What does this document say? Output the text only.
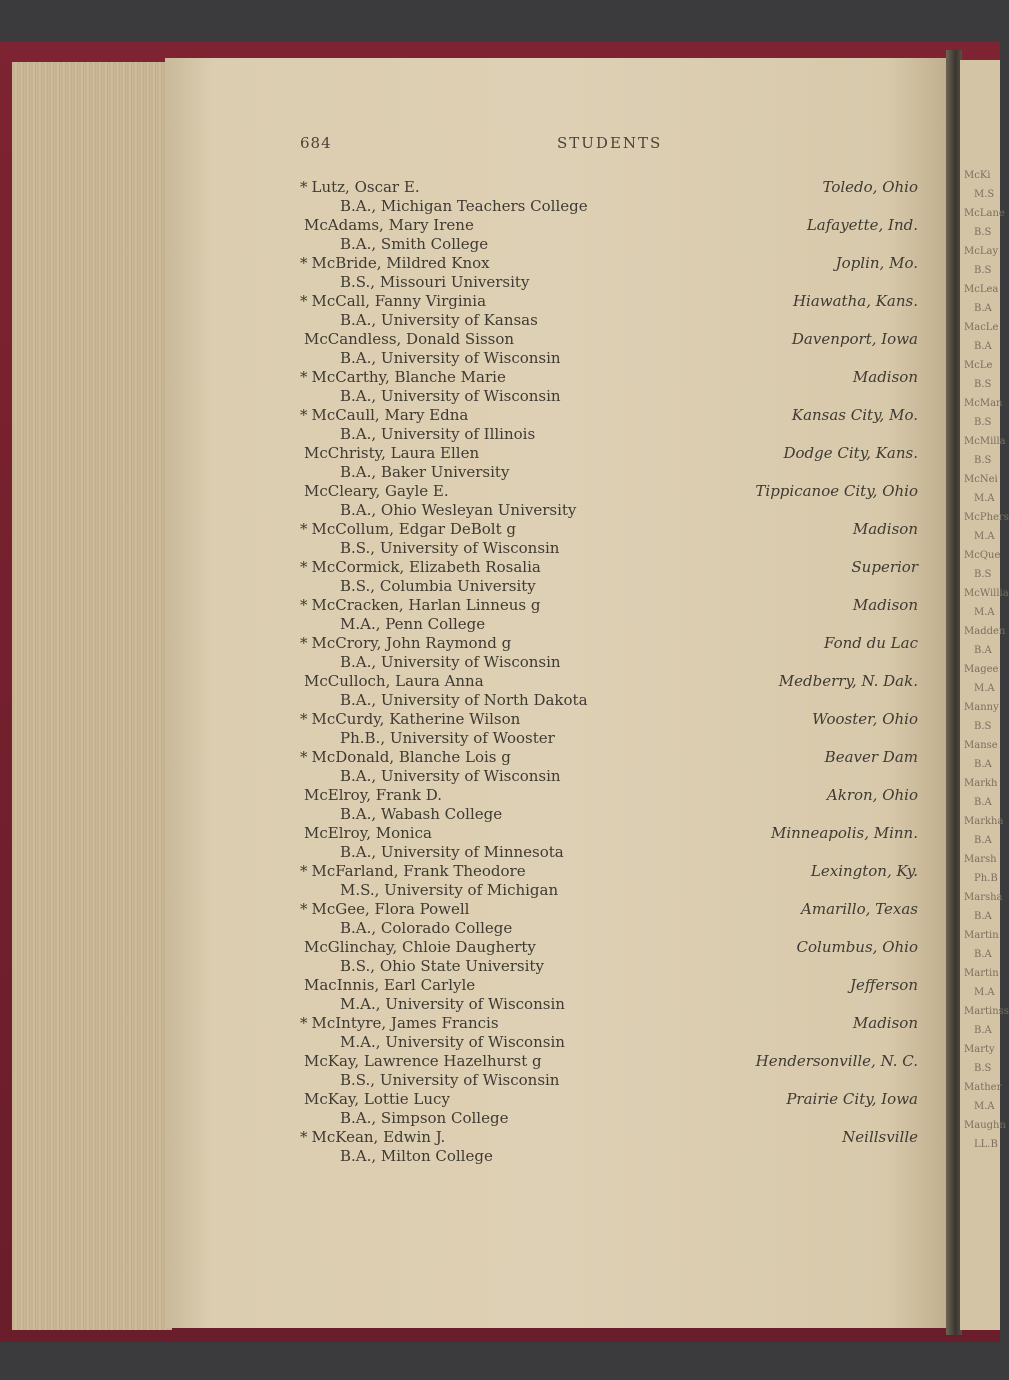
McKi
M.S
McLane
B.S
McLay
B.S
McLea
B.A
MacLe
B.A
McLe
B.S
McMan
B.S
McMilla
B.S
McNei
M.A
McPhers
M.A
McQue
B.S
McWillia
M.A
Madden
B.A
Magee
M.A
Manny
B.S
Manse
B.A
Markh
B.A
Markha
B.A
Marsh
Ph.B
Marsha
B.A
Martin
B.A
Martin
M.A
Martinss
B.A
Marty
B.S
Mather
M.A
Maughn
LL.B
684	STUDENTS
* Lutz, Oscar E.	Toledo, Ohio
B.A., Michigan Teachers College
McAdams, Mary Irene	Lafayette, Ind.
B.A., Smith College
* McBride, Mildred Knox	Joplin, Mo.
B.S., Missouri University
* McCall, Fanny Virginia	Hiawatha, Kans.
B.A., University of Kansas
McCandless, Donald Sisson	Davenport, Iowa
B.A., University of Wisconsin
* McCarthy, Blanche Marie	Madison
B.A., University of Wisconsin
* McCaull, Mary Edna	Kansas City, Mo.
B.A., University of Illinois
McChristy, Laura Ellen	Dodge City, Kans.
B.A., Baker University
McCleary, Gayle E.	Tippicanoe City, Ohio
B.A., Ohio Wesleyan University
* McCollum, Edgar DeBolt g	Madison
B.S., University of Wisconsin
* McCormick, Elizabeth Rosalia	Superior
B.S., Columbia University
* McCracken, Harlan Linneus g	Madison
M.A., Penn College
* McCrory, John Raymond g	Fond du Lac
B.A., University of Wisconsin
McCulloch, Laura Anna	Medberry, N. Dak.
B.A., University of North Dakota
* McCurdy, Katherine Wilson	Wooster, Ohio
Ph.B., University of Wooster
* McDonald, Blanche Lois g	Beaver Dam
B.A., University of Wisconsin
McElroy, Frank D.	Akron, Ohio
B.A., Wabash College
McElroy, Monica	Minneapolis, Minn.
B.A., University of Minnesota
* McFarland, Frank Theodore	Lexington, Ky.
M.S., University of Michigan
* McGee, Flora Powell	Amarillo, Texas
B.A., Colorado College
McGlinchay, Chloie Daugherty	Columbus, Ohio
B.S., Ohio State University
MacInnis, Earl Carlyle	Jefferson
M.A., University of Wisconsin
* McIntyre, James Francis	Madison
M.A., University of Wisconsin
McKay, Lawrence Hazelhurst g	Hendersonville, N. C.
B.S., University of Wisconsin
McKay, Lottie Lucy	Prairie City, Iowa
B.A., Simpson College
* McKean, Edwin J.	Neillsville
B.A., Milton College
